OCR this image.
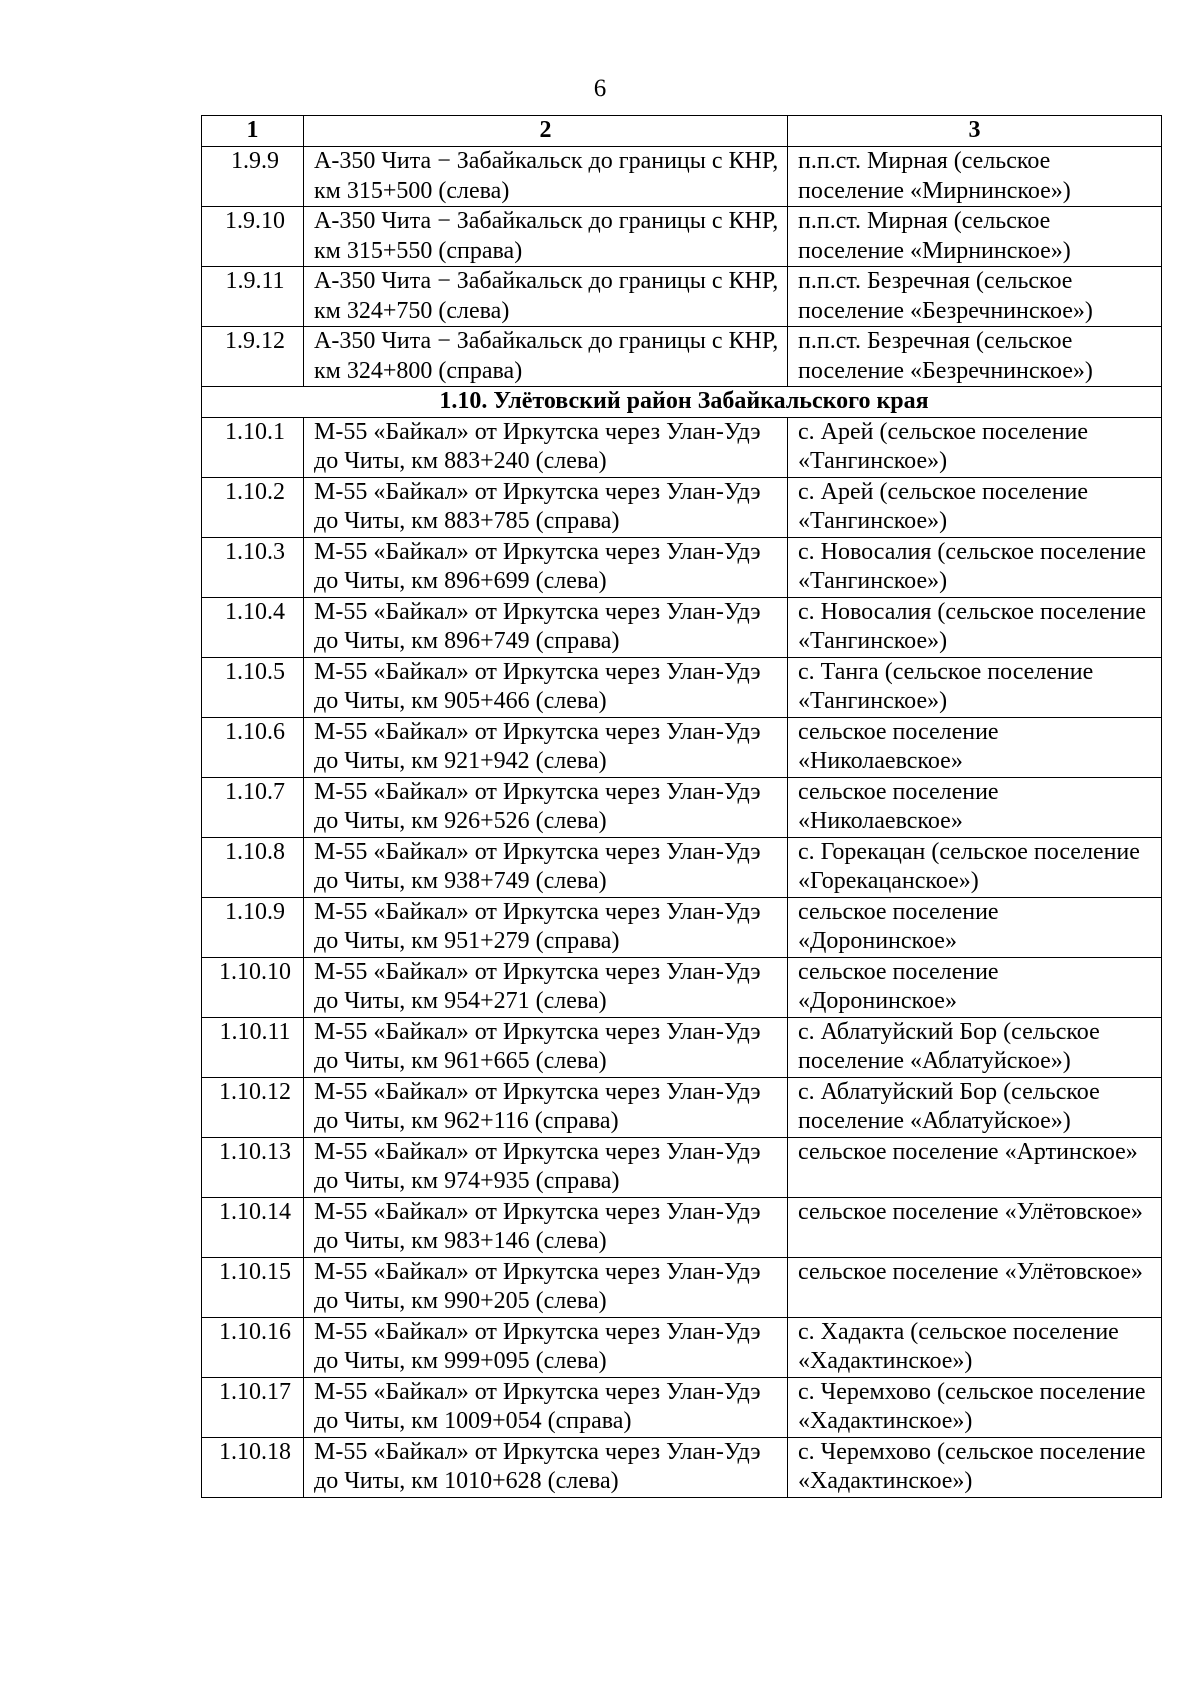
6
1	2	3
1.9.9	А-350 Чита − Забайкальск до границы с КНР, км 315+500 (слева)	п.п.ст. Мирная (сельское поселение «Мирнинское»)
1.9.10	А-350 Чита − Забайкальск до границы с КНР, км 315+550 (справа)	п.п.ст. Мирная (сельское поселение «Мирнинское»)
1.9.11	А-350 Чита − Забайкальск до границы с КНР, км 324+750 (слева)	п.п.ст. Безречная (сельское поселение «Безречнинское»)
1.9.12	А-350 Чита − Забайкальск до границы с КНР, км 324+800 (справа)	п.п.ст. Безречная (сельское поселение «Безречнинское»)
1.10. Улётовский район Забайкальского края		
1.10.1	М-55 «Байкал» от Иркутска через Улан-Удэ до Читы, км 883+240 (слева)	с. Арей (сельское поселение «Тангинское»)
1.10.2	М-55 «Байкал» от Иркутска через Улан-Удэ до Читы, км 883+785 (справа)	с. Арей (сельское поселение «Тангинское»)
1.10.3	М-55 «Байкал» от Иркутска через Улан-Удэ до Читы, км 896+699 (слева)	с. Новосалия (сельское поселение «Тангинское»)
1.10.4	М-55 «Байкал» от Иркутска через Улан-Удэ до Читы, км 896+749 (справа)	с. Новосалия (сельское поселение «Тангинское»)
1.10.5	М-55 «Байкал» от Иркутска через Улан-Удэ до Читы, км 905+466 (слева)	с. Танга (сельское поселение «Тангинское»)
1.10.6	М-55 «Байкал» от Иркутска через Улан-Удэ до Читы, км 921+942 (слева)	сельское поселение «Николаевское»
1.10.7	М-55 «Байкал» от Иркутска через Улан-Удэ до Читы, км 926+526 (слева)	сельское поселение «Николаевское»
1.10.8	М-55 «Байкал» от Иркутска через Улан-Удэ до Читы, км 938+749 (слева)	с. Горекацан (сельское поселение «Горекацанское»)
1.10.9	М-55 «Байкал» от Иркутска через Улан-Удэ до Читы, км 951+279 (справа)	сельское поселение «Доронинское»
1.10.10	М-55 «Байкал» от Иркутска через Улан-Удэ до Читы, км 954+271 (слева)	сельское поселение «Доронинское»
1.10.11	М-55 «Байкал» от Иркутска через Улан-Удэ до Читы, км 961+665 (слева)	с. Аблатуйский Бор (сельское поселение «Аблатуйское»)
1.10.12	М-55 «Байкал» от Иркутска через Улан-Удэ до Читы, км 962+116 (справа)	с. Аблатуйский Бор (сельское поселение «Аблатуйское»)
1.10.13	М-55 «Байкал» от Иркутска через Улан-Удэ до Читы, км 974+935 (справа)	сельское поселение «Артинское»
1.10.14	М-55 «Байкал» от Иркутска через Улан-Удэ до Читы, км 983+146 (слева)	сельское поселение «Улётовское»
1.10.15	М-55 «Байкал» от Иркутска через Улан-Удэ до Читы, км 990+205 (слева)	сельское поселение «Улётовское»
1.10.16	М-55 «Байкал» от Иркутска через Улан-Удэ до Читы, км 999+095 (слева)	с. Хадакта (сельское поселение «Хадактинское»)
1.10.17	М-55 «Байкал» от Иркутска через Улан-Удэ до Читы, км 1009+054 (справа)	с. Черемхово (сельское поселение «Хадактинское»)
1.10.18	М-55 «Байкал» от Иркутска через Улан-Удэ до Читы, км 1010+628 (слева)	с. Черемхово (сельское поселение «Хадактинское»)
